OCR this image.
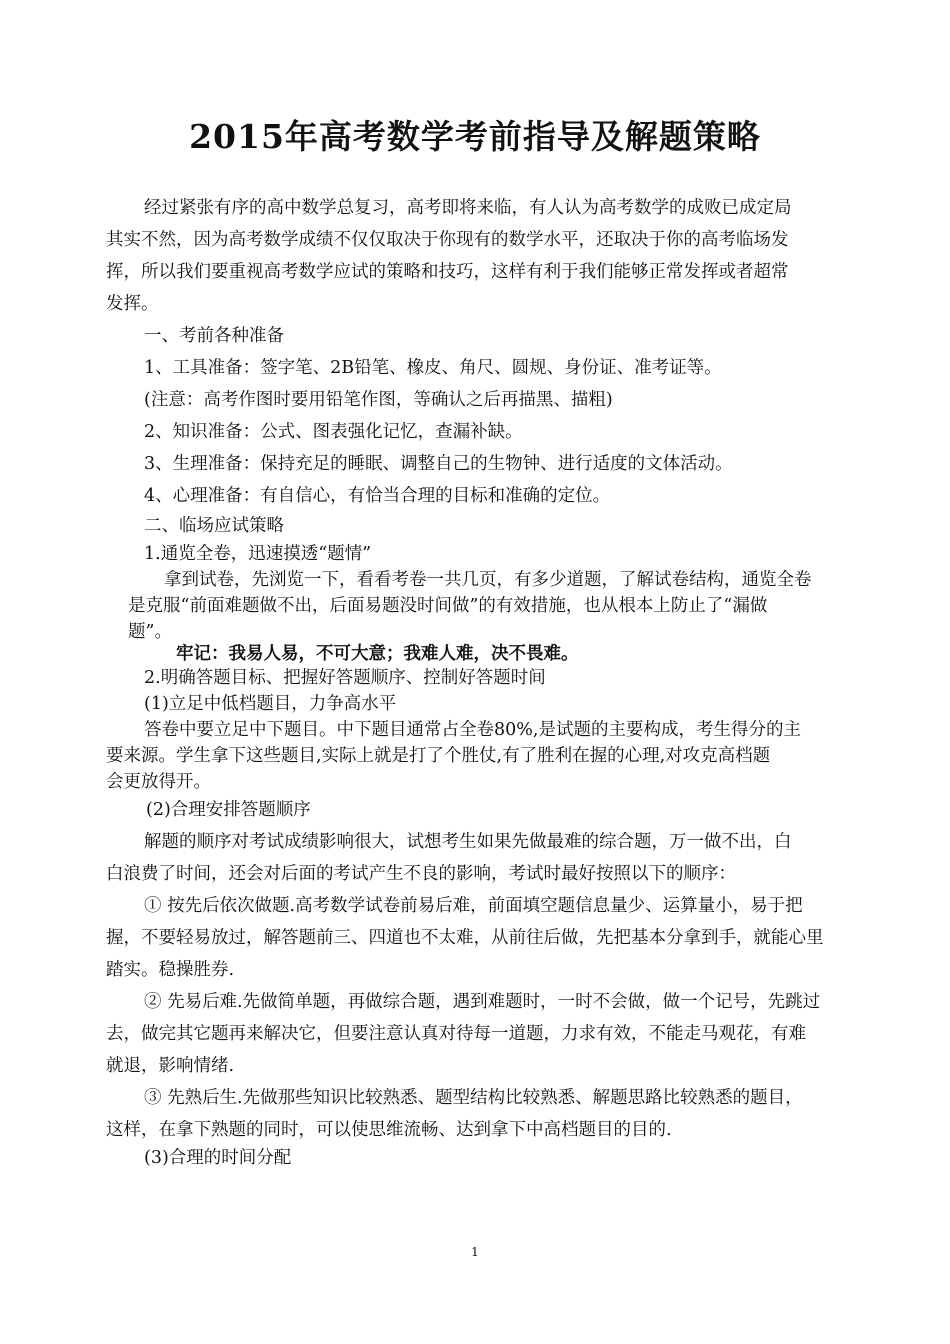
2015年高考数学考前指导及解题策略
经过紧张有序的高中数学总复习，高考即将来临，有人认为高考数学的成败已成定局
其实不然，因为高考数学成绩不仅仅取决于你现有的数学水平，还取决于你的高考临场发
挥，所以我们要重视高考数学应试的策略和技巧，这样有利于我们能够正常发挥或者超常
发挥。
一、考前各种准备
1、工具准备：签字笔、2B铅笔、橡皮、角尺、圆规、身份证、准考证等。
(注意：高考作图时要用铅笔作图，等确认之后再描黑、描粗)
2、知识准备：公式、图表强化记忆，查漏补缺。
3、生理准备：保持充足的睡眠、调整自己的生物钟、进行适度的文体活动。
4、心理准备：有自信心，有恰当合理的目标和准确的定位。
二、临场应试策略
1.通览全卷，迅速摸透“题情”
拿到试卷，先浏览一下，看看考卷一共几页，有多少道题，了解试卷结构，通览全卷
是克服“前面难题做不出，后面易题没时间做”的有效措施，也从根本上防止了“漏做
题”。
牢记：我易人易，不可大意；我难人难，决不畏难。
2.明确答题目标、把握好答题顺序、控制好答题时间
(1)立足中低档题目，力争高水平
答卷中要立足中下题目。中下题目通常占全卷80%,是试题的主要构成，考生得分的主
要来源。学生拿下这些题目,实际上就是打了个胜仗,有了胜利在握的心理,对攻克高档题
会更放得开。
(2)合理安排答题顺序
解题的顺序对考试成绩影响很大，试想考生如果先做最难的综合题，万一做不出，白
白浪费了时间，还会对后面的考试产生不良的影响，考试时最好按照以下的顺序：
① 按先后依次做题.高考数学试卷前易后难，前面填空题信息量少、运算量小，易于把
握，不要轻易放过，解答题前三、四道也不太难，从前往后做，先把基本分拿到手，就能心里
踏实。稳操胜券.
② 先易后难.先做简单题，再做综合题，遇到难题时，一时不会做，做一个记号，先跳过
去，做完其它题再来解决它，但要注意认真对待每一道题，力求有效，不能走马观花，有难
就退，影响情绪.
③ 先熟后生.先做那些知识比较熟悉、题型结构比较熟悉、解题思路比较熟悉的题目，
这样，在拿下熟题的同时，可以使思维流畅、达到拿下中高档题目的目的.
(3)合理的时间分配
1
